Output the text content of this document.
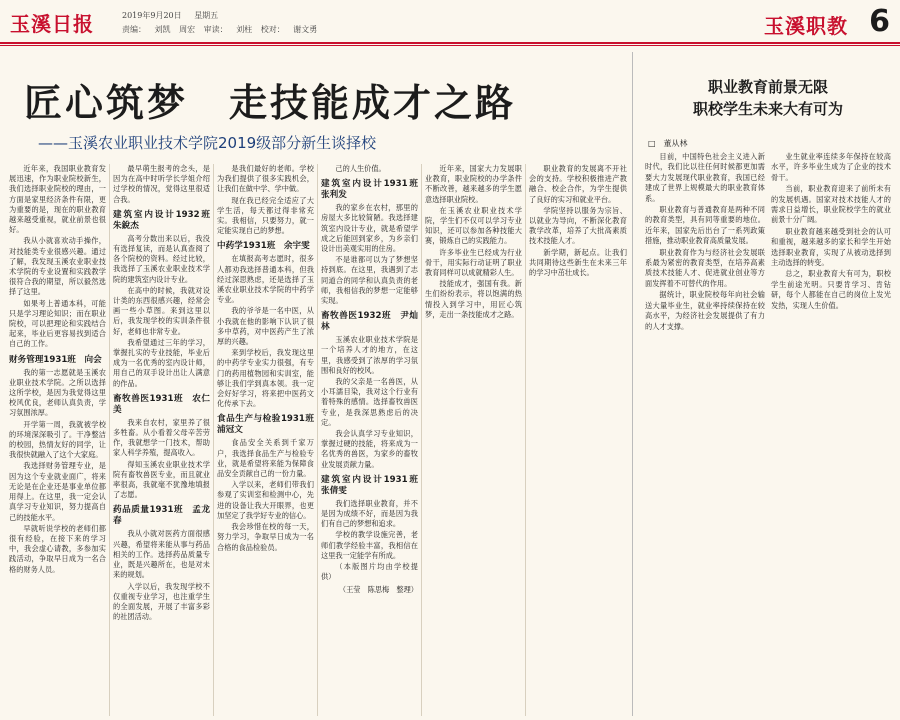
玉溪日报	2019年9月20日 星期五
责编： 刘凯 周宏 审读： 刘柱 校对： 谢文勇	玉溪职教 6
匠心筑梦　走技能成才之路
——玉溪农业职业技术学院2019级部分新生谈择校

近年来，我国职业教育发展迅速，作为职业院校新生，我们选择职业院校的理由，一方面是家里经济条件有限，更为重要的是，现在的职业教育越来越受重视，就业前景也很好。

我从小就喜欢动手操作，对技能类专业很感兴趣。通过了解，我发现玉溪农业职业技术学院的专业设置和实践教学很符合我的期望，所以毅然选择了这里。

如果考上普通本科，可能只是学习理论知识；而在职业院校，可以把理论和实践结合起来，毕业后更容易找到适合自己的工作。

财务管理1931班　向会

我的第一志愿就是玉溪农业职业技术学院。之所以选择这所学校，是因为我觉得这里校风优良，老师认真负责，学习氛围浓厚。

开学第一周，我就被学校的环境深深吸引了。干净整洁的校园，热情友好的同学，让我很快就融入了这个大家庭。

我选择财务管理专业，是因为这个专业就业面广，将来无论是在企业还是事业单位都用得上。在这里，我一定会认真学习专业知识，努力提高自己的技能水平。

早就听说学校的老师们都很有经验，在接下来的学习中，我会虚心请教，多参加实践活动，争取早日成为一名合格的财务人员。

最早萌生报考的念头，是因为在高中时听学长学姐介绍过学校的情况，觉得这里很适合我。

建筑室内设计1932班　朱銳杰

高考分数出来以后，我没有选择复读，而是认真查阅了各个院校的资料。经过比较，我选择了玉溪农业职业技术学院的建筑室内设计专业。

在高中的时候，我就对设计类的东西很感兴趣，经常会画一些小草图。来到这里以后，我发现学校的实训条件很好，老师也非常专业。

我希望通过三年的学习，掌握扎实的专业技能，毕业后成为一名优秀的室内设计师，用自己的双手设计出让人满意的作品。

畜牧兽医1931班　农仁美

我来自农村，家里养了很多牲畜。从小看着父母辛苦劳作，我就想学一门技术，帮助家人科学养殖，提高收入。

得知玉溪农业职业技术学院有畜牧兽医专业，而且就业率很高，我就毫不犹豫地填报了志愿。

药品质量1931班　孟龙春

我从小就对医药方面很感兴趣，希望将来能从事与药品相关的工作。选择药品质量专业，既是兴趣所在，也是对未来的规划。

入学以后，我发现学校不仅重视专业学习，也注重学生的全面发展，开展了丰富多彩的社团活动。

是我们最好的老师。学校为我们提供了很多实践机会，让我们在做中学、学中做。

现在我已经完全适应了大学生活，每天都过得非常充实。我相信，只要努力，就一定能实现自己的梦想。

中药学1931班　余宇雯

在填报高考志愿时，很多人都劝我选择普通本科，但我经过深思熟虑，还是选择了玉溪农业职业技术学院的中药学专业。

我的爷爷是一名中医，从小我就在他的影响下认识了很多中草药，对中医药产生了浓厚的兴趣。

来到学校后，我发现这里的中药学专业实力很强，有专门的药用植物园和实训室，能够让我们学到真本领。我一定会好好学习，将来把中医药文化传承下去。

食品生产与检验1931班　浦冠文

食品安全关系到千家万户，我选择食品生产与检验专业，就是希望将来能为保障食品安全贡献自己的一份力量。

入学以来，老师们带我们参观了实训室和检测中心，先进的设备让我大开眼界，也更加坚定了我学好专业的信心。

我会珍惜在校的每一天，努力学习，争取早日成为一名合格的食品检验员。

己的人生价值。

建筑室内设计1931班　张利发

我的家乡在农村，那里的房屋大多比较简陋。我选择建筑室内设计专业，就是希望学成之后能回到家乡，为乡亲们设计出美观实用的住房。

不是谁都可以为了梦想坚持到底。在这里，我遇到了志同道合的同学和认真负责的老师，我相信我的梦想一定能够实现。

畜牧兽医1932班　尹灿林

玉溪农业职业技术学院是一个培养人才的地方，在这里，我感受到了浓厚的学习氛围和良好的校风。

我的父亲是一名兽医，从小耳濡目染，我对这个行业有着特殊的感情。选择畜牧兽医专业，是我深思熟虑后的决定。

我会认真学习专业知识，掌握过硬的技能，将来成为一名优秀的兽医，为家乡的畜牧业发展贡献力量。

建筑室内设计1931班　张倩雯

我们选择职业教育，并不是因为成绩不好，而是因为我们有自己的梦想和追求。

学校的教学设施完善，老师们教学经验丰富，我相信在这里我一定能学有所成。

（本版图片均由学校提供）

（王莹　陈思梅　整理）

近年来，国家大力发展职业教育，职业院校的办学条件不断改善，越来越多的学生愿意选择职业院校。

在玉溪农业职业技术学院，学生们不仅可以学习专业知识，还可以参加各种技能大赛，锻炼自己的实践能力。

许多毕业生已经成为行业骨干，用实际行动证明了职业教育同样可以成就精彩人生。

技能成才，强国有我。新生们纷纷表示，将以饱满的热情投入到学习中，用匠心筑梦，走出一条技能成才之路。

职业教育的发展离不开社会的支持。学校积极推进产教融合、校企合作，为学生提供了良好的实习和就业平台。

学院坚持以服务为宗旨、以就业为导向，不断深化教育教学改革，培养了大批高素质技术技能人才。

新学期，新起点。让我们共同期待这些新生在未来三年的学习中茁壮成长。

职业教育前景无限
职校学生未来大有可为
□　董从林

目前，中国特色社会主义进入新时代，我们比以往任何时候都更加需要大力发展现代职业教育，我国已经建成了世界上规模最大的职业教育体系。

职业教育与普通教育是两种不同的教育类型，具有同等重要的地位。近年来，国家先后出台了一系列政策措施，推动职业教育高质量发展。

职业教育作为与经济社会发展联系最为紧密的教育类型，在培养高素质技术技能人才、促进就业创业等方面发挥着不可替代的作用。

据统计，职业院校每年向社会输送大量毕业生，就业率持续保持在较高水平，为经济社会发展提供了有力的人才支撑。

业生就业率连续多年保持在较高水平，许多毕业生成为了企业的技术骨干。

当前，职业教育迎来了前所未有的发展机遇。国家对技术技能人才的需求日益增长，职业院校学生的就业前景十分广阔。

职业教育越来越受到社会的认可和重视，越来越多的家长和学生开始选择职业教育，实现了从被动选择到主动选择的转变。

总之，职业教育大有可为，职校学生前途光明。只要肯学习、肯钻研，每个人都能在自己的岗位上发光发热，实现人生价值。
